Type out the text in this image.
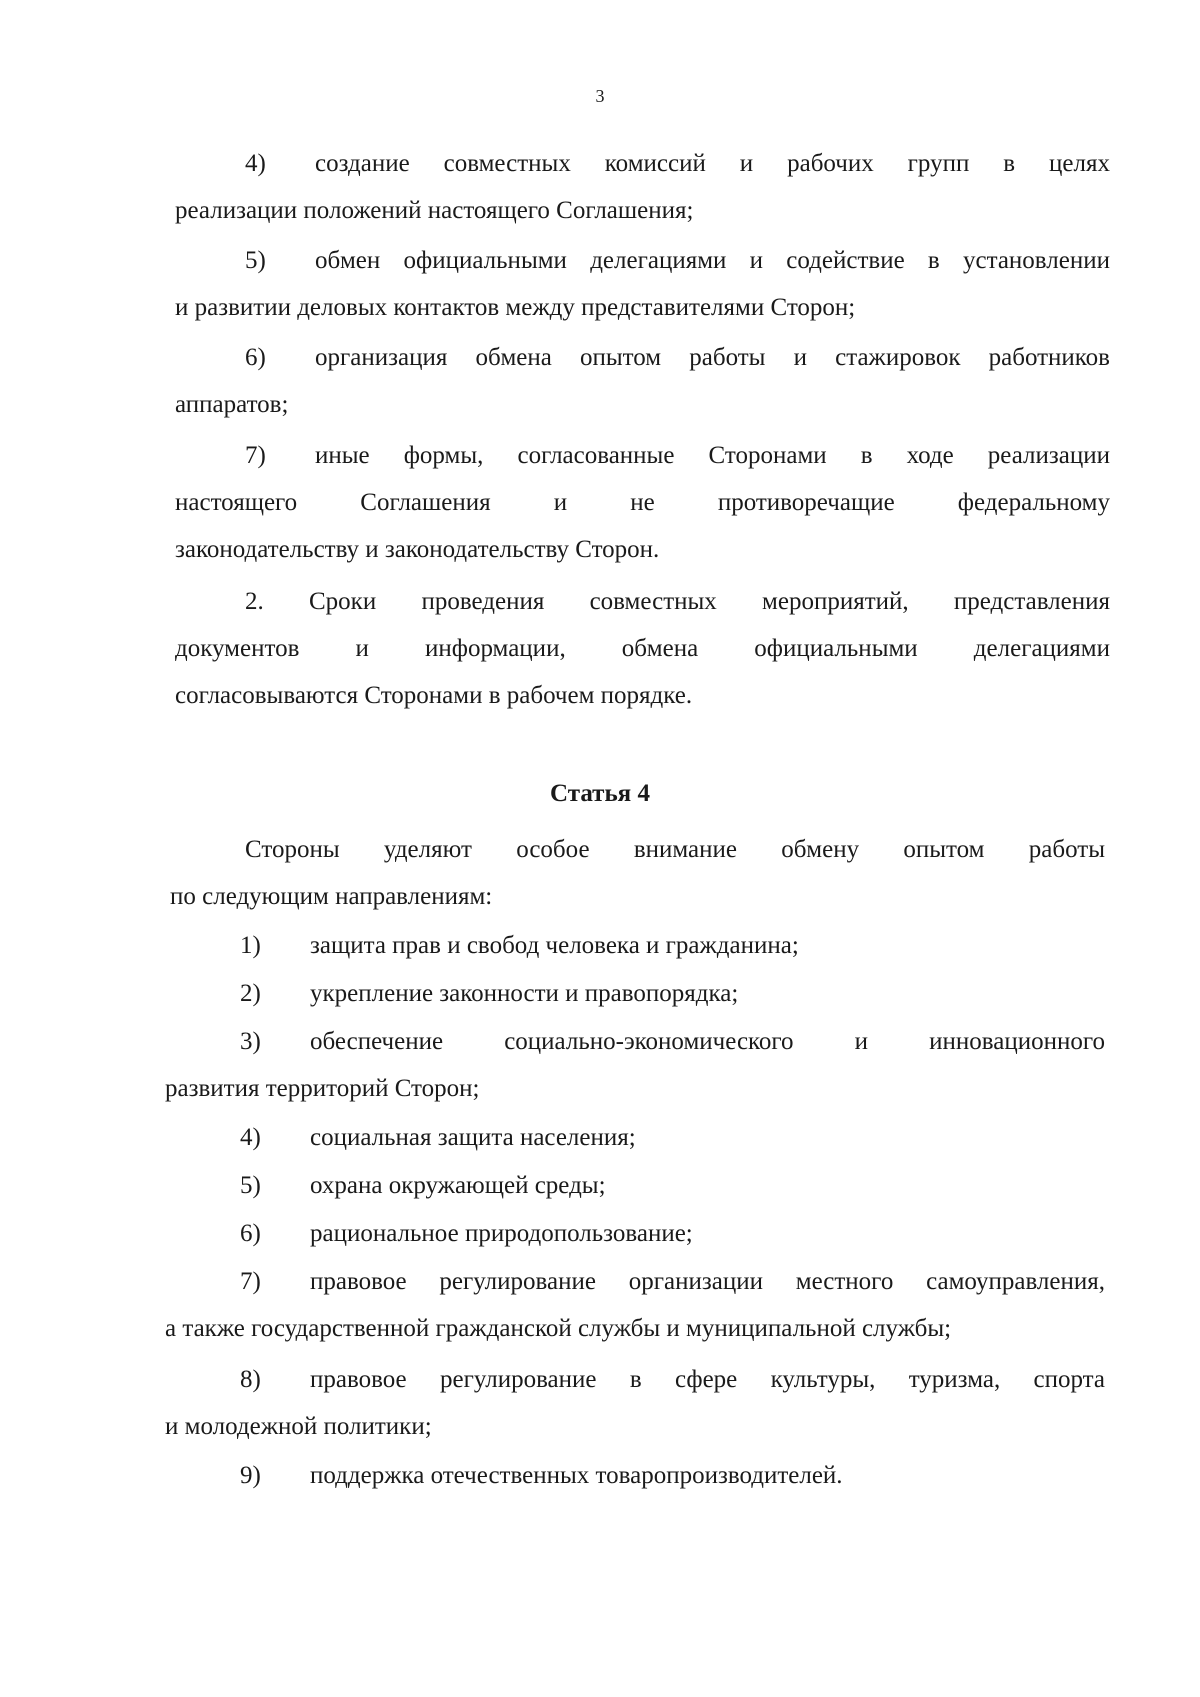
3
4) создание совместных комиссий и рабочих групп в целях
реализации положений настоящего Соглашения;
5) обмен официальными делегациями и содействие в установлении
и развитии деловых контактов между представителями Сторон;
6) организация обмена опытом работы и стажировок работников
аппаратов;
7) иные формы, согласованные Сторонами в ходе реализации
настоящего Соглашения и не противоречащие федеральному
законодательству и законодательству Сторон.
2. Сроки проведения совместных мероприятий, представления
документов и информации, обмена официальными делегациями
согласовываются Сторонами в рабочем порядке.
Статья 4
Стороны уделяют особое внимание обмену опытом работы
по следующим направлениям:
1) защита прав и свобод человека и гражданина;
2) укрепление законности и правопорядка;
3) обеспечение социально-экономического и инновационного
развития территорий Сторон;
4) социальная защита населения;
5) охрана окружающей среды;
6) рациональное природопользование;
7) правовое регулирование организации местного самоуправления,
а также государственной гражданской службы и муниципальной службы;
8) правовое регулирование в сфере культуры, туризма, спорта
и молодежной политики;
9) поддержка отечественных товаропроизводителей.
